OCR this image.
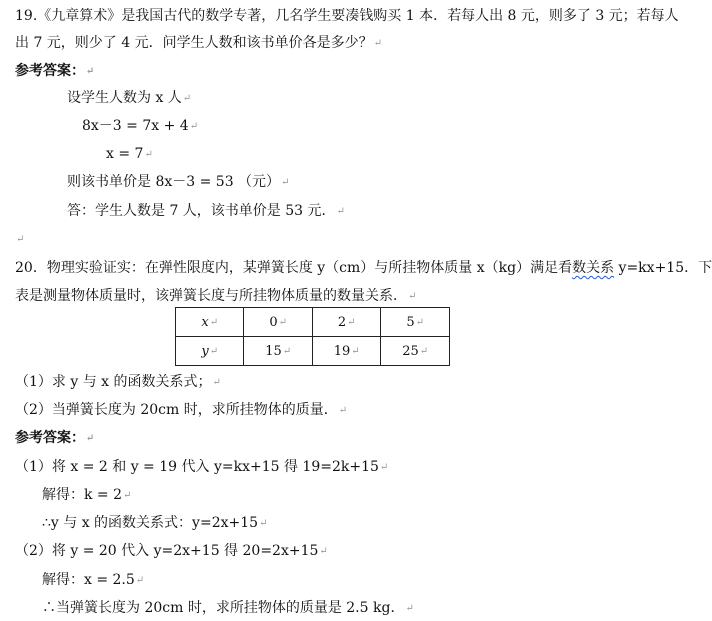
19.《九章算术》是我国古代的数学专著，几名学生要凑钱购买 1 本．若每人出 8 元，则多了 3 元；若每人
出 7 元，则少了 4 元．问学生人数和该书单价各是多少？↵
参考答案：↵
设学生人数为 x 人↵
8x－3 = 7x + 4↵
x = 7↵
则该书单价是 8x－3 = 53 （元）↵
答：学生人数是 7 人，该书单价是 53 元．↵
↵
20．物理实验证实：在弹性限度内，某弹簧长度 y（cm）与所挂物体质量 x（kg）满足看数关系 y=kx+15．下
表是测量物体质量时，该弹簧长度与所挂物体质量的数量关系．↵
x↵	0↵	2↵	5↵
y↵	15↵	19↵	25↵
（1）求 y 与 x 的函数关系式；↵
（2）当弹簧长度为 20cm 时，求所挂物体的质量．↵
参考答案：↵
（1）将 x = 2 和 y = 19 代入 y=kx+15 得 19=2k+15↵
解得：k = 2↵
∴y 与 x 的函数关系式：y=2x+15↵
（2）将 y = 20 代入 y=2x+15 得 20=2x+15↵
解得：x = 2.5↵
∴当弹簧长度为 20cm 时，求所挂物体的质量是 2.5 kg．↵
